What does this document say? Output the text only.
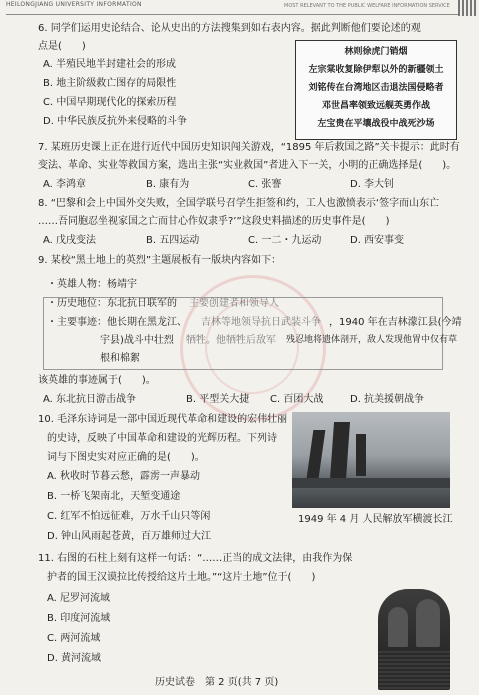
HEILONGJIANG UNIVERSITY INFORMATION	MOST RELEVANT TO THE PUBLIC WELFARE INFORMATION SERVICE
6. 同学们运用史论结合、论从史出的方法搜集到如右表内容。据此判断他们要论述的观
点是(　　)
A. 半殖民地半封建社会的形成
B. 地主阶级救亡图存的局限性
C. 中国早期现代化的探索历程
D. 中华民族反抗外来侵略的斗争
林则徐虎门销烟
左宗棠收复除伊犁以外的新疆领土
刘铭传在台湾地区击退法国侵略者
邓世昌率领致远舰英勇作战
左宝贵在平壤战役中战死沙场
7. 某班历史课上正在进行近代中国历史知识闯关游戏，“1895 年后救国之路”关卡提示：此时有
变法、革命、实业等救国方案，选出主张“实业救国”者进入下一关，小明的正确选择是(　　)。
A. 李鸿章	B. 康有为	C. 张謇	D. 李大钊
8. “巴黎和会上中国外交失败，全国学联号召学生拒签和约，工人也激愤表示‘签字而山东亡
……吾同胞忍坐视家国之亡而甘心作奴隶乎?’”这段史料描述的历史事件是(　　)
A. 戊戌变法	B. 五四运动	C. 一二・九运动	D. 西安事变
9. 某校“黑土地上的英烈”主题展板有一版块内容如下：
・英雄人物：杨靖宇
・历史地位：东北抗日联军的 主要创建者和领导人
・主要事迹：他长期在黑龙江、 吉林等地领导抗日武装斗争 ，1940 年在吉林濛江县(今靖
宇县)战斗中壮烈 牺牲。他牺牲后敌军 残忍地将遗体剖开，敌人发现他胃中仅有草
根和棉絮
该英雄的事迹属于(　　)。
A. 东北抗日游击战争	B. 平型关大捷 C. 百团大战	D. 抗美援朝战争
10. 毛泽东诗词是一部中国近现代革命和建设的宏伟壮丽
的史诗，反映了中国革命和建设的光辉历程。下列诗
词与下图史实对应正确的是(　　)。
A. 秋收时节暮云愁，霹雳一声暴动
B. 一桥飞架南北，天堑变通途
C. 红军不怕远征难，万水千山只等闲
D. 钟山风雨起苍黄，百万雄师过大江
1949 年 4 月 人民解放军横渡长江
11. 右图的石柱上刻有这样一句话：“……正当的成文法律，由我作为保
护者的国王汉谟拉比传授给这片土地。”“这片土地”位于(　　)
A. 尼罗河流域
B. 印度河流域
C. 两河流域
D. 黄河流域
历史试卷　第 2 页(共 7 页)
